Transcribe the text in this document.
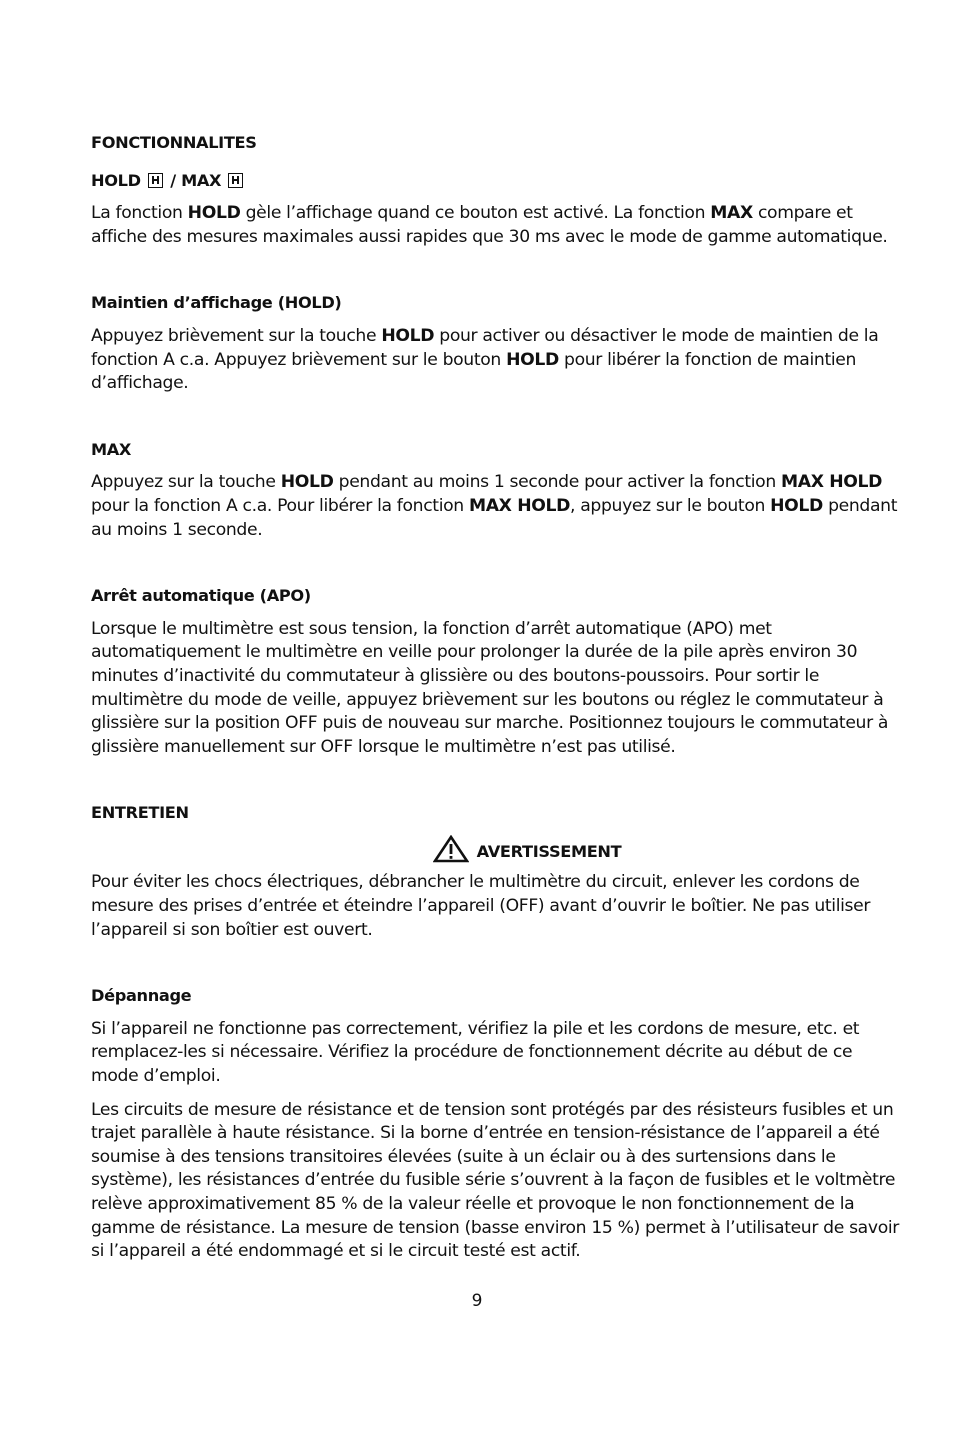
FONCTIONNALITES

HOLD
/ MAX

La fonction HOLD gèle l’affichage quand ce bouton est activé. La fonction MAX compare et affiche des mesures maximales aussi rapides que 30 ms avec le mode de gamme automatique.

Maintien d’affichage (HOLD)

Appuyez brièvement sur la touche HOLD pour activer ou désactiver le mode de maintien de la fonction A c.a. Appuyez brièvement sur le bouton HOLD pour libérer la fonction de maintien d’affichage.

MAX

Appuyez sur la touche HOLD pendant au moins 1 seconde pour activer la fonction MAX HOLD pour la fonction A c.a. Pour libérer la fonction MAX HOLD, appuyez sur le bouton HOLD pendant au moins 1 seconde.

Arrêt automatique (APO)

Lorsque le multimètre est sous tension, la fonction d’arrêt automatique (APO) met automatiquement le multimètre en veille pour prolonger la durée de la pile après environ 30 minutes d’inactivité du commutateur à glissière ou des boutons-poussoirs. Pour sortir le multimètre du mode de veille, appuyez brièvement sur les boutons ou réglez le commutateur à glissière sur la position OFF puis de nouveau sur marche. Positionnez toujours le commutateur à glissière manuellement sur OFF lorsque le multimètre n’est pas utilisé.

ENTRETIEN

AVERTISSEMENT

Pour éviter les chocs électriques, débrancher le multimètre du circuit, enlever les cordons de mesure des prises d’entrée et éteindre l’appareil (OFF) avant d’ouvrir le boîtier. Ne pas utiliser l’appareil si son boîtier est ouvert.

Dépannage

Si l’appareil ne fonctionne pas correctement, vérifiez la pile et les cordons de mesure, etc. et remplacez-les si nécessaire. Vérifiez la procédure de fonctionnement décrite au début de ce mode d’emploi.

Les circuits de mesure de résistance et de tension sont protégés par des résisteurs fusibles et un trajet parallèle à haute résistance. Si la borne d’entrée en tension-résistance de l’appareil a été soumise à des tensions transitoires élevées (suite à un éclair ou à des surtensions dans le système), les résistances d’entrée du fusible série s’ouvrent à la façon de fusibles et le voltmètre relève approximativement 85 % de la valeur réelle et provoque le non fonctionnement de la gamme de résistance. La mesure de tension (basse environ 15 %) permet à l’utilisateur de savoir si l’appareil a été endommagé et si le circuit testé est actif.

9
